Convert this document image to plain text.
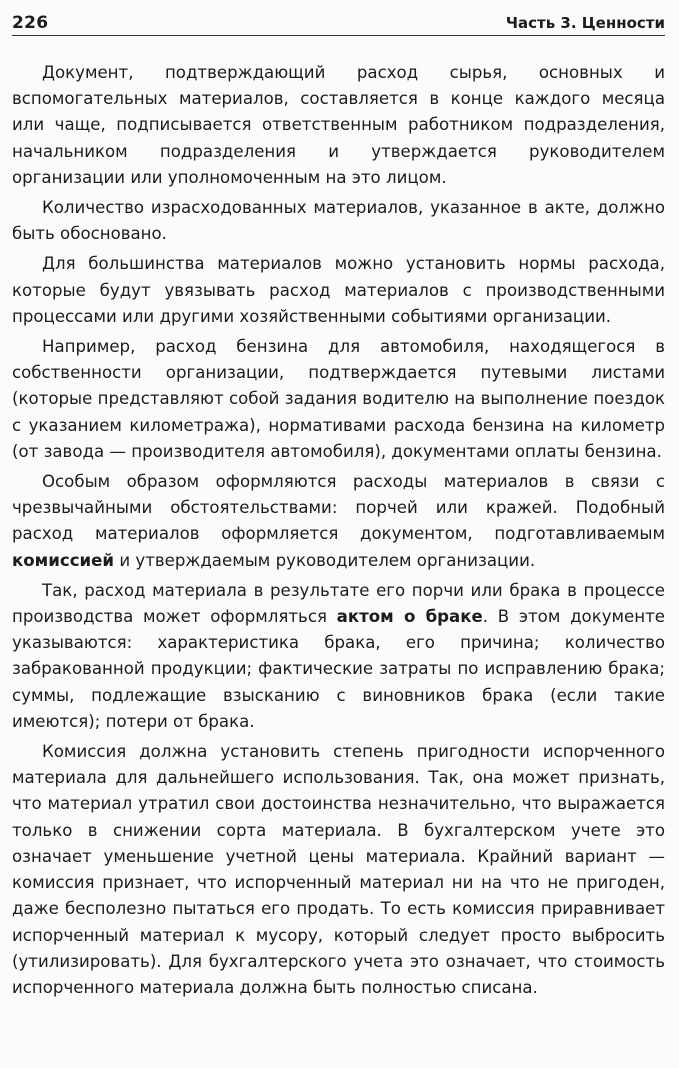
226	Часть 3. Ценности

Документ, подтверждающий расход сырья, основных и вспомогательных материалов, составляется в конце каждого месяца или чаще, подписывается ответственным работником подразделения, начальником подразделения и утверждается руководителем организации или уполномоченным на это лицом.

Количество израсходованных материалов, указанное в акте, должно быть обосновано.

Для большинства материалов можно установить нормы расхода, которые будут увязывать расход материалов с производственными процессами или другими хозяйственными событиями организации.

Например, расход бензина для автомобиля, находящегося в собственности организации, подтверждается путевыми листами (которые представляют собой задания водителю на выполнение поездок с указанием километража), нормативами расхода бензина на километр (от завода — производителя автомобиля), документами оплаты бензина.

Особым образом оформляются расходы материалов в связи с чрезвычайными обстоятельствами: порчей или кражей. Подобный расход материалов оформляется документом, подготавливаемым комиссией и утверждаемым руководителем организации.

Так, расход материала в результате его порчи или брака в процессе производства может оформляться актом о браке. В этом документе указываются: характеристика брака, его причина; количество забракованной продукции; фактические затраты по исправлению брака; суммы, подлежащие взысканию с виновников брака (если такие имеются); потери от брака.

Комиссия должна установить степень пригодности испорченного материала для дальнейшего использования. Так, она может признать, что материал утратил свои достоинства незначительно, что выражается только в снижении сорта материала. В бухгалтерском учете это означает уменьшение учетной цены материала. Крайний вариант — комиссия признает, что испорченный материал ни на что не пригоден, даже бесполезно пытаться его продать. То есть комиссия приравнивает испорченный материал к мусору, который следует просто выбросить (утилизировать). Для бухгалтерского учета это означает, что стоимость испорченного материала должна быть полностью списана.
